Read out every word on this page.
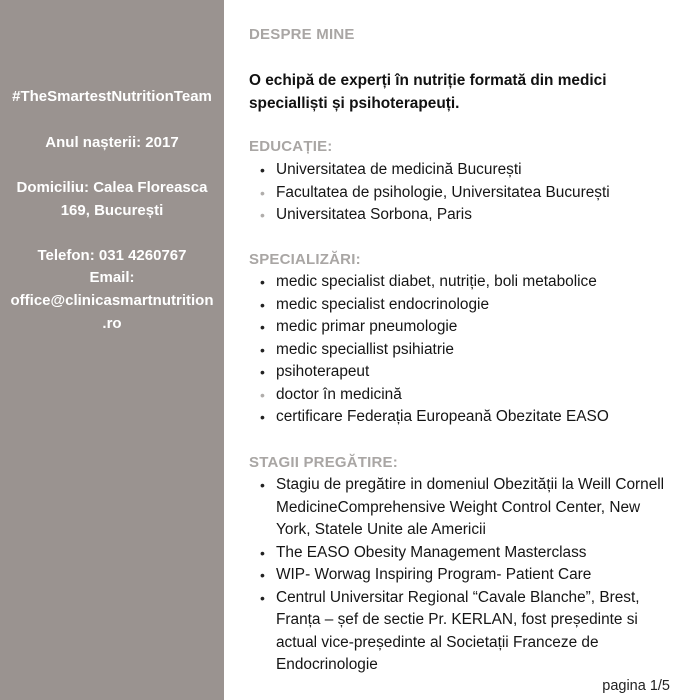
#TheSmartestNutritionTeam
Anul nașterii: 2017
Domiciliu: Calea Floreasca
169, București
Telefon: 031 4260767
Email:
office@clinicasmartnutrition
.ro
DESPRE MINE
O echipă de experți în nutriție formată din medici specialliști și psihoterapeuți.
EDUCAȚIE:
• Universitatea de medicină București
• Facultatea de psihologie, Universitatea București
• Universitatea Sorbona, Paris
SPECIALIZĂRI:
• medic specialist diabet, nutriție, boli metabolice
• medic specialist endocrinologie
• medic primar pneumologie
• medic speciallist psihiatrie
• psihoterapeut
• doctor în medicină
• certificare Federația Europeană Obezitate EASO
STAGII PREGĂTIRE:
• Stagiu de pregătire in domeniul Obezității la Weill Cornell MedicineComprehensive Weight Control Center, New York, Statele Unite ale Americii
• The EASO Obesity Management Masterclass
• WIP- Worwag Inspiring Program- Patient Care
• Centrul Universitar Regional “Cavale Blanche”, Brest, Franța – șef de sectie Pr. KERLAN, fost președinte si actual vice-președinte al Societații Franceze de Endocrinologie
pagina 1/5
